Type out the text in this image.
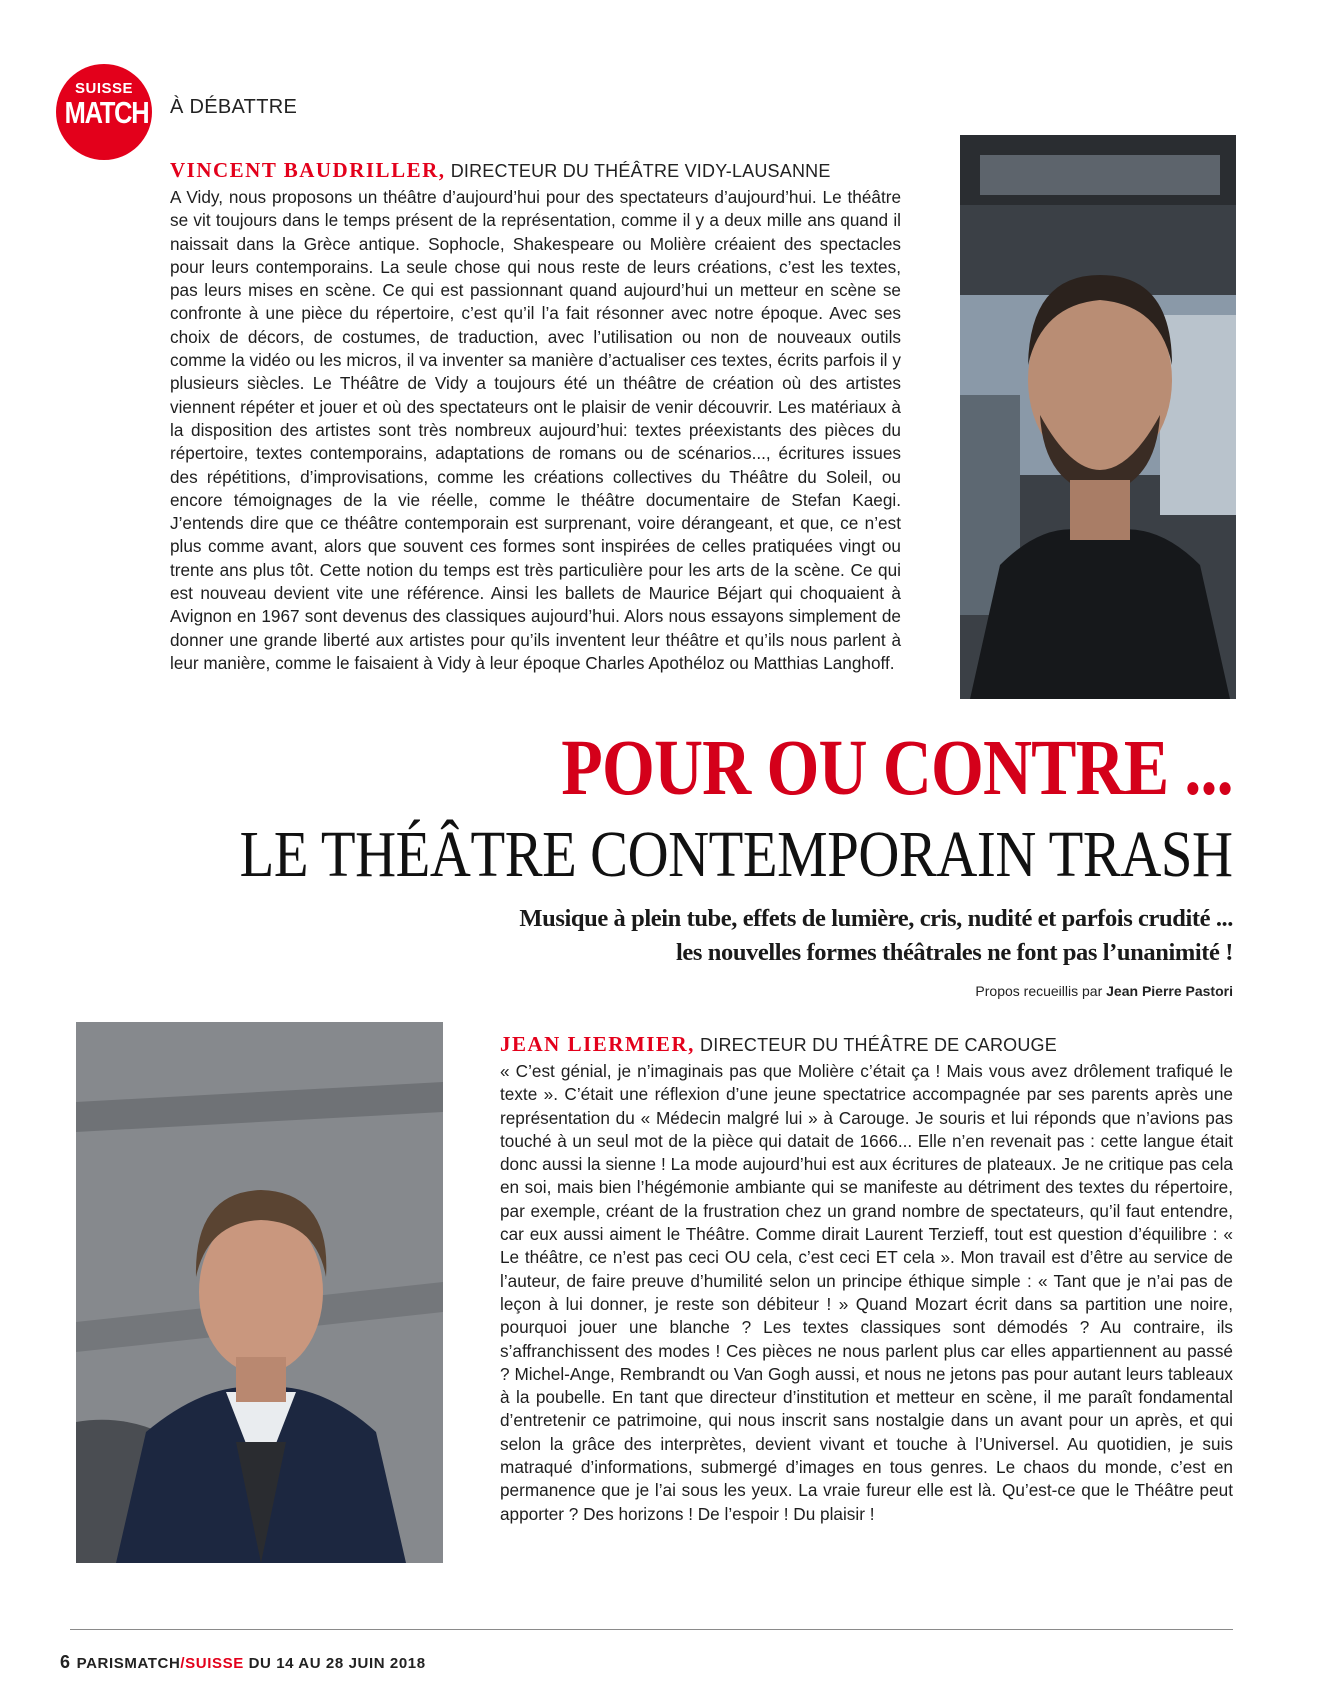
SUISSE
MATCH À DÉBATTRE
VINCENT BAUDRILLER, DIRECTEUR DU THÉÂTRE VIDY-LAUSANNE
A Vidy, nous proposons un théâtre d’aujourd’hui pour des spectateurs d’aujourd’hui. Le théâtre se vit toujours dans le temps présent de la représentation, comme il y a deux mille ans quand il naissait dans la Grèce antique. Sophocle, Shakespeare ou Molière créaient des spectacles pour leurs contemporains. La seule chose qui nous reste de leurs créations, c’est les textes, pas leurs mises en scène. Ce qui est passionnant quand aujourd’hui un metteur en scène se confronte à une pièce du répertoire, c’est qu’il l’a fait résonner avec notre époque. Avec ses choix de décors, de costumes, de traduction, avec l’utilisation ou non de nouveaux outils comme la vidéo ou les micros, il va inventer sa manière d’actualiser ces textes, écrits parfois il y plusieurs siècles. Le Théâtre de Vidy a toujours été un théâtre de création où des artistes viennent répéter et jouer et où des spectateurs ont le plaisir de venir découvrir. Les matériaux à la disposition des artistes sont très nombreux aujourd’hui: textes préexistants des pièces du répertoire, textes contemporains, adaptations de romans ou de scénarios..., écritures issues des répétitions, d’improvisations, comme les créations collectives du Théâtre du Soleil, ou encore témoignages de la vie réelle, comme le théâtre documentaire de Stefan Kaegi. J’entends dire que ce théâtre contemporain est surprenant, voire dérangeant, et que, ce n’est plus comme avant, alors que souvent ces formes sont inspirées de celles pratiquées vingt ou trente ans plus tôt. Cette notion du temps est très particulière pour les arts de la scène. Ce qui est nouveau devient vite une référence. Ainsi les ballets de Maurice Béjart qui choquaient à Avignon en 1967 sont devenus des classiques aujourd’hui. Alors nous essayons simplement de donner une grande liberté aux artistes pour qu’ils inventent leur théâtre et qu’ils nous parlent à leur manière, comme le faisaient à Vidy à leur époque Charles Apothéloz ou Matthias Langhoff.
POUR OU CONTRE ...
LE THÉÂTRE CONTEMPORAIN TRASH
Musique à plein tube, effets de lumière, cris, nudité et parfois crudité ...
les nouvelles formes théâtrales ne font pas l’unanimité !
Propos recueillis par Jean Pierre Pastori
JEAN LIERMIER, DIRECTEUR DU THÉÂTRE DE CAROUGE
« C’est génial, je n’imaginais pas que Molière c’était ça ! Mais vous avez drôlement trafiqué le texte ». C’était une réflexion d’une jeune spectatrice accompagnée par ses parents après une représentation du « Médecin malgré lui » à Carouge. Je souris et lui réponds que n’avions pas touché à un seul mot de la pièce qui datait de 1666... Elle n’en revenait pas : cette langue était donc aussi la sienne ! La mode aujourd’hui est aux écritures de plateaux. Je ne critique pas cela en soi, mais bien l’hégémonie ambiante qui se manifeste au détriment des textes du répertoire, par exemple, créant de la frustration chez un grand nombre de spectateurs, qu’il faut entendre, car eux aussi aiment le Théâtre. Comme dirait Laurent Terzieff, tout est question d’équilibre : « Le théâtre, ce n’est pas ceci OU cela, c’est ceci ET cela ». Mon travail est d’être au service de l’auteur, de faire preuve d’humilité selon un principe éthique simple : « Tant que je n’ai pas de leçon à lui donner, je reste son débiteur ! » Quand Mozart écrit dans sa partition une noire, pourquoi jouer une blanche ? Les textes classiques sont démodés ? Au contraire, ils s’affranchissent des modes ! Ces pièces ne nous parlent plus car elles appartiennent au passé ? Michel-Ange, Rembrandt ou Van Gogh aussi, et nous ne jetons pas pour autant leurs tableaux à la poubelle. En tant que directeur d’institution et metteur en scène, il me paraît fondamental d’entretenir ce patrimoine, qui nous inscrit sans nostalgie dans un avant pour un après, et qui selon la grâce des interprètes, devient vivant et touche à l’Universel. Au quotidien, je suis matraqué d’informations, submergé d’images en tous genres. Le chaos du monde, c’est en permanence que je l’ai sous les yeux. La vraie fureur elle est là. Qu’est-ce que le Théâtre peut apporter ? Des horizons ! De l’espoir ! Du plaisir !
6 PARISMATCH/SUISSE DU 14 AU 28 JUIN 2018
